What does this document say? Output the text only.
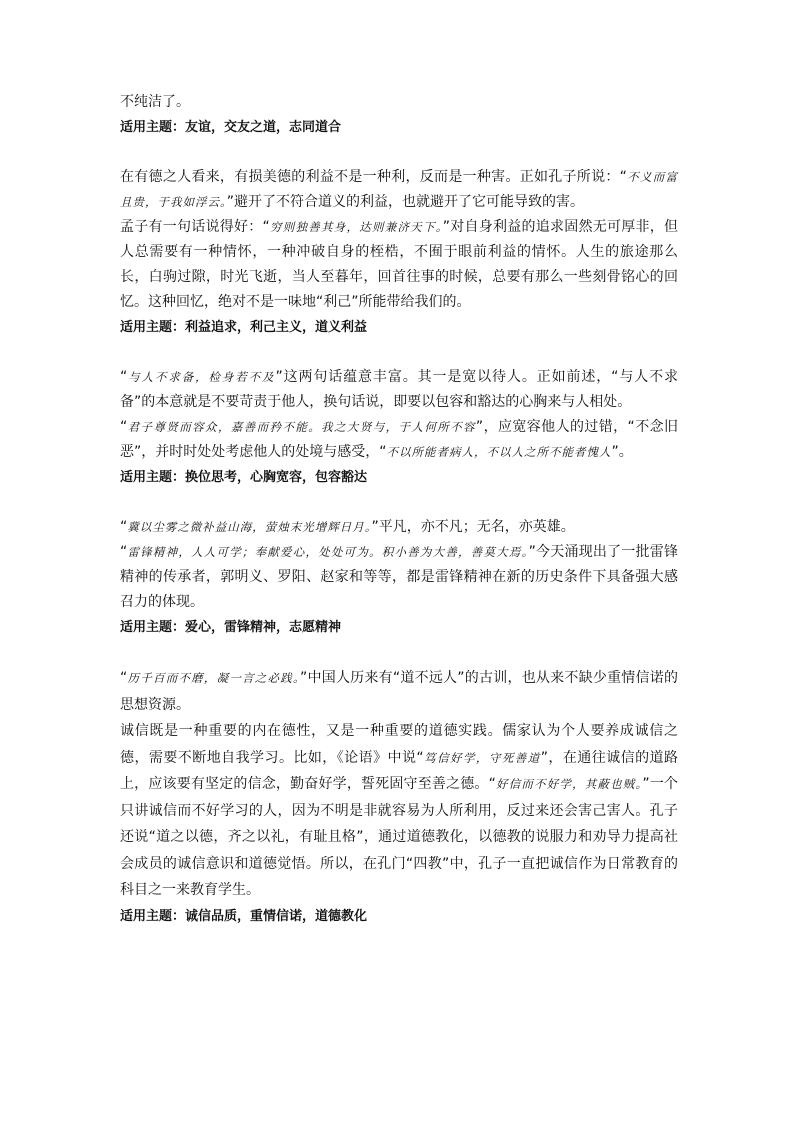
不纯洁了。

适用主题：友谊，交友之道，志同道合

在有德之人看来，有损美德的利益不是一种利，反而是一种害。正如孔子所说：“不义而富且贵，于我如浮云。”避开了不符合道义的利益，也就避开了它可能导致的害。

孟子有一句话说得好：“穷则独善其身，达则兼济天下。”对自身利益的追求固然无可厚非，但人总需要有一种情怀，一种冲破自身的桎梏，不囿于眼前利益的情怀。人生的旅途那么长，白驹过隙，时光飞逝，当人至暮年，回首往事的时候，总要有那么一些刻骨铭心的回忆。这种回忆，绝对不是一味地“利己”所能带给我们的。

适用主题：利益追求，利己主义，道义利益

“与人不求备，检身若不及”这两句话蕴意丰富。其一是宽以待人。正如前述，“与人不求备”的本意就是不要苛责于他人，换句话说，即要以包容和豁达的心胸来与人相处。

“君子尊贤而容众，嘉善而矜不能。我之大贤与，于人何所不容”，应宽容他人的过错，“不念旧恶”，并时时处处考虑他人的处境与感受，“不以所能者病人，不以人之所不能者愧人”。

适用主题：换位思考，心胸宽容，包容豁达

“冀以尘雾之微补益山海，萤烛末光增辉日月。”平凡，亦不凡；无名，亦英雄。

“雷锋精神，人人可学；奉献爱心，处处可为。积小善为大善，善莫大焉。”今天涌现出了一批雷锋精神的传承者，郭明义、罗阳、赵家和等等，都是雷锋精神在新的历史条件下具备强大感召力的体现。

适用主题：爱心，雷锋精神，志愿精神

“历千百而不磨，凝一言之必践。”中国人历来有“道不远人”的古训，也从来不缺少重情信诺的思想资源。

诚信既是一种重要的内在德性，又是一种重要的道德实践。儒家认为个人要养成诚信之德，需要不断地自我学习。比如，《论语》中说“笃信好学，守死善道”，在通往诚信的道路上，应该要有坚定的信念，勤奋好学，誓死固守至善之德。“好信而不好学，其蔽也贼。”一个只讲诚信而不好学习的人，因为不明是非就容易为人所利用，反过来还会害己害人。孔子还说“道之以德，齐之以礼，有耻且格”，通过道德教化，以德教的说服力和劝导力提高社会成员的诚信意识和道德觉悟。所以，在孔门“四教”中，孔子一直把诚信作为日常教育的科目之一来教育学生。

适用主题：诚信品质，重情信诺，道德教化
